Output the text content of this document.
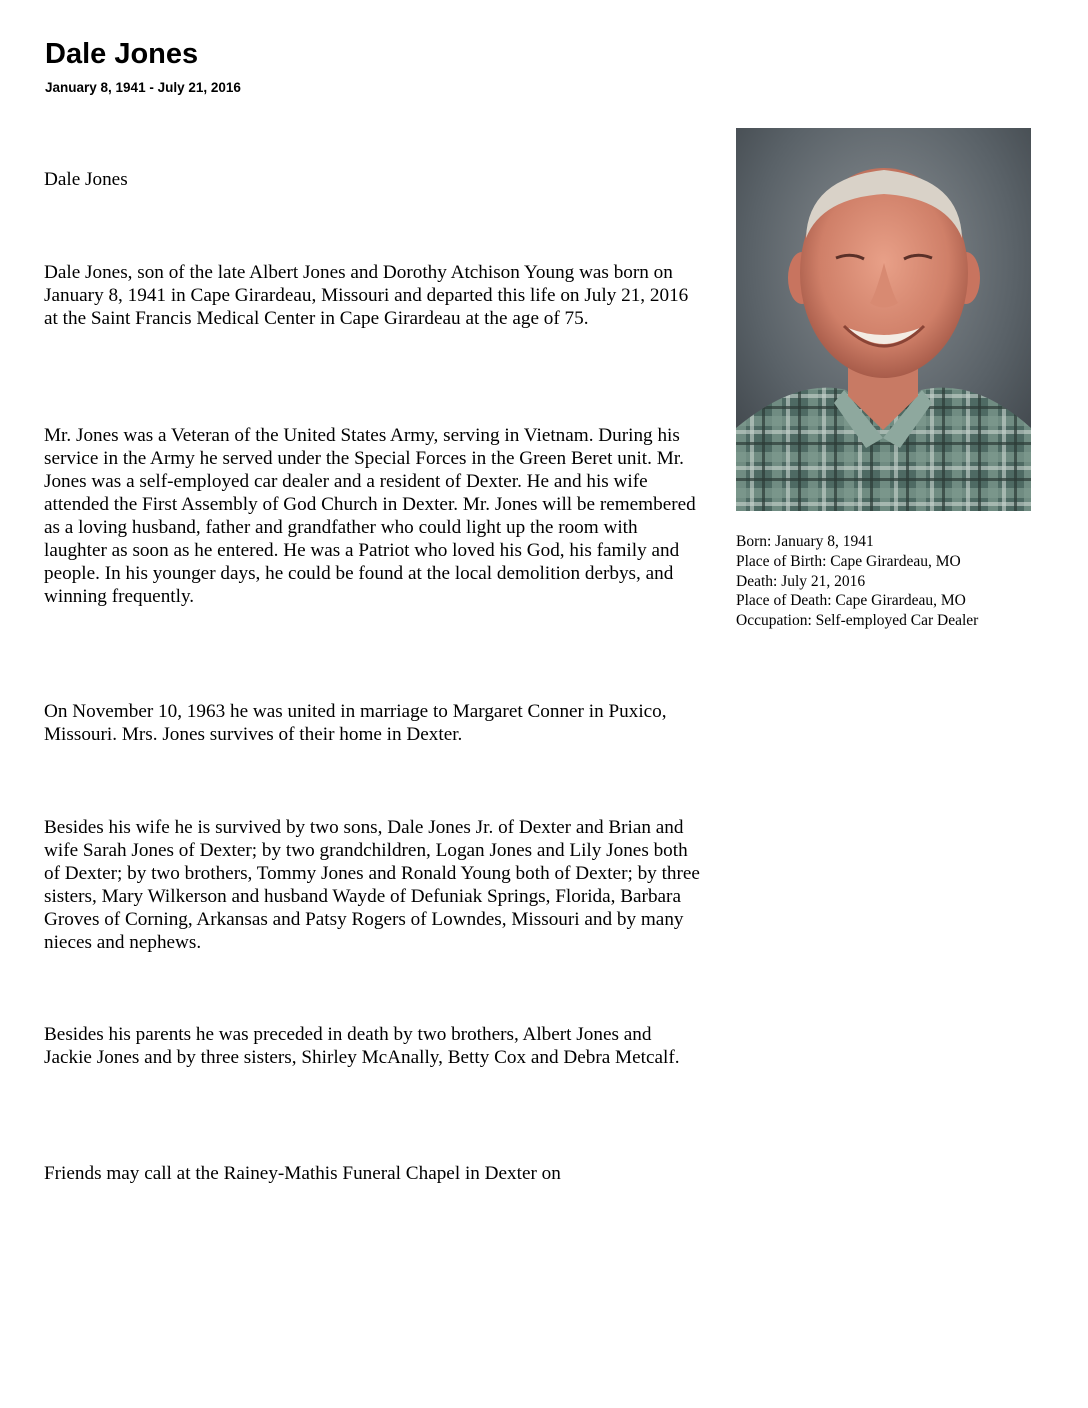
Dale Jones
January 8, 1941 - July 21, 2016

Dale Jones

Dale Jones, son of the late Albert Jones and Dorothy Atchison Young was born on January 8, 1941 in Cape Girardeau, Missouri and departed this life on July 21, 2016 at the Saint Francis Medical Center in Cape Girardeau at the age of 75.

Mr. Jones was a Veteran of the United States Army, serving in Vietnam. During his service in the Army he served under the Special Forces in the Green Beret unit. Mr. Jones was a self-employed car dealer and a resident of Dexter. He and his wife attended the First Assembly of God Church in Dexter. Mr. Jones will be remembered as a loving husband, father and grandfather who could light up the room with laughter as soon as he entered. He was a Patriot who loved his God, his family and people. In his younger days, he could be found at the local demolition derbys, and winning frequently.

On November 10, 1963 he was united in marriage to Margaret Conner in Puxico, Missouri. Mrs. Jones survives of their home in Dexter.

Besides his wife he is survived by two sons, Dale Jones Jr. of Dexter and Brian and wife Sarah Jones of Dexter; by two grandchildren, Logan Jones and Lily Jones both of Dexter; by two brothers, Tommy Jones and Ronald Young both of Dexter; by three sisters, Mary Wilkerson and husband Wayde of Defuniak Springs, Florida, Barbara Groves of Corning, Arkansas and Patsy Rogers of Lowndes, Missouri and by many nieces and nephews.

Besides his parents he was preceded in death by two brothers, Albert Jones and Jackie Jones and by three sisters, Shirley McAnally, Betty Cox and Debra Metcalf.

Friends may call at the Rainey-Mathis Funeral Chapel in Dexter on

Born: January 8, 1941
Place of Birth: Cape Girardeau, MO
Death: July 21, 2016
Place of Death: Cape Girardeau, MO
Occupation: Self-employed Car Dealer
